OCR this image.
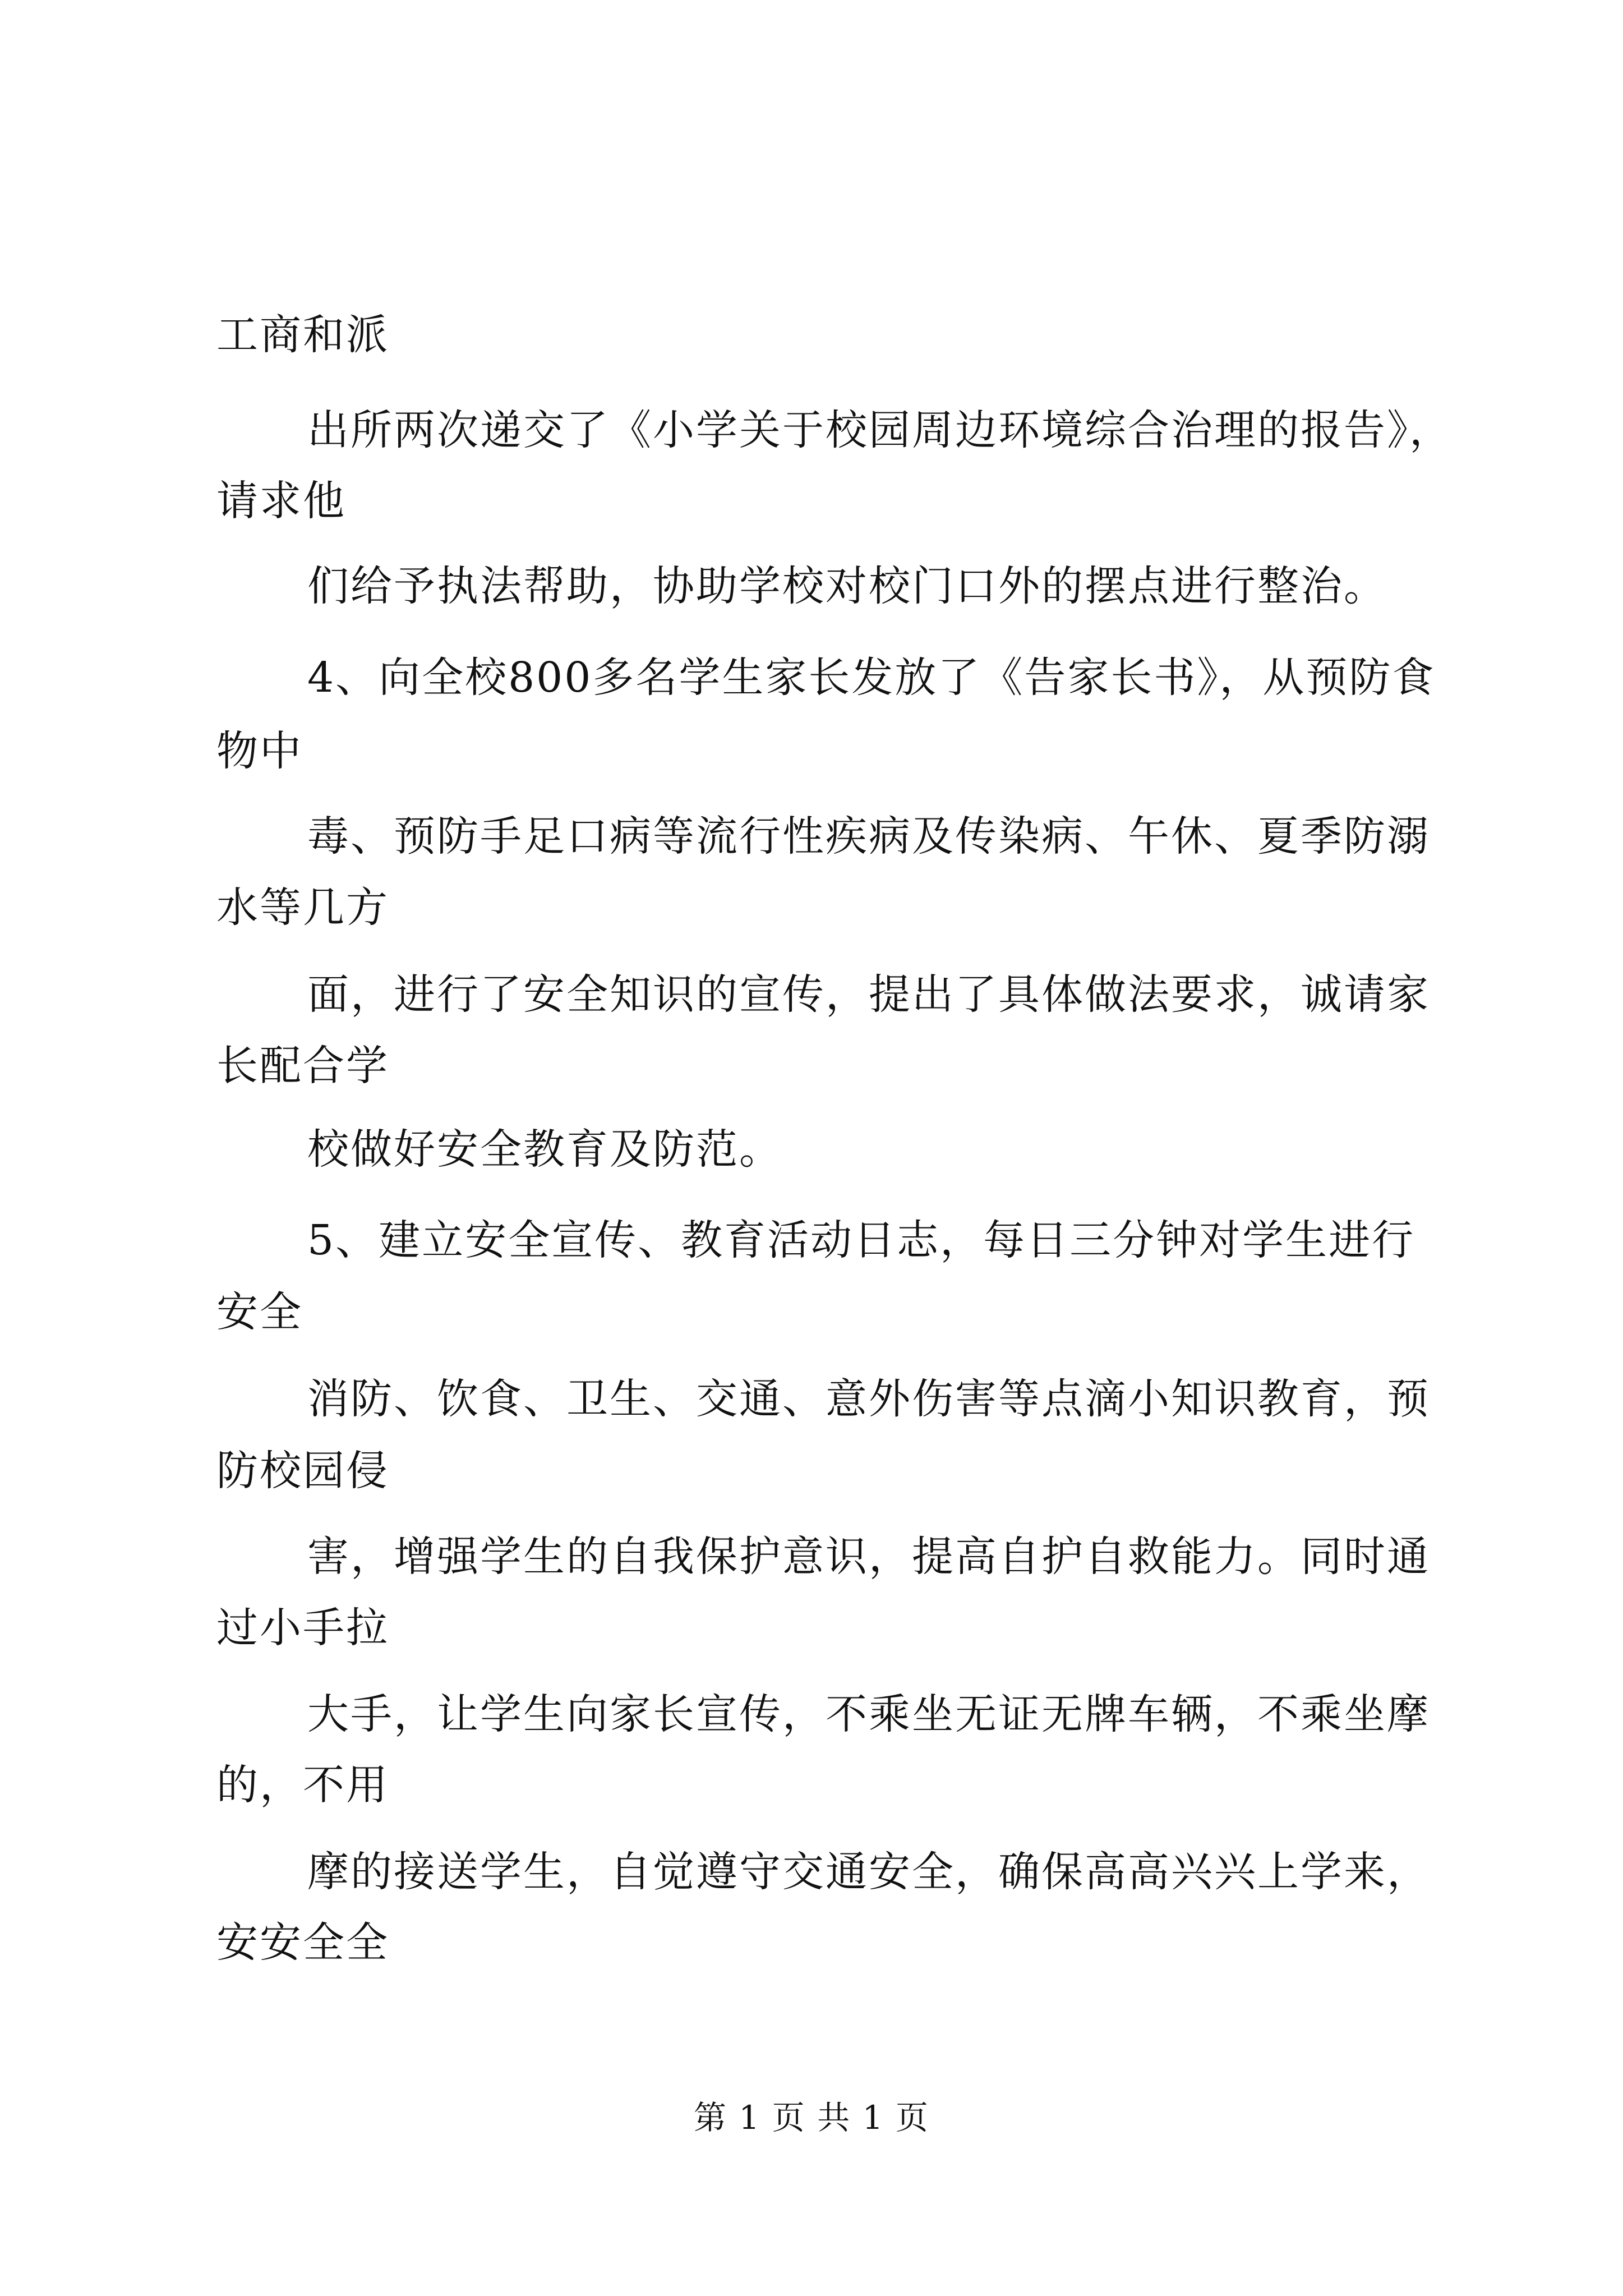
工商和派

出所两次递交了《小学关于校园周边环境综合治理的报告》，

请求他

们给予执法帮助，协助学校对校门口外的摆点进行整治。

4、向全校800多名学生家长发放了《告家长书》，从预防食

物中

毒、预防手足口病等流行性疾病及传染病、午休、夏季防溺

水等几方

面，进行了安全知识的宣传，提出了具体做法要求，诚请家

长配合学

校做好安全教育及防范。

5、建立安全宣传、教育活动日志，每日三分钟对学生进行

安全

消防、饮食、卫生、交通、意外伤害等点滴小知识教育，预

防校园侵

害，增强学生的自我保护意识，提高自护自救能力。同时通

过小手拉

大手，让学生向家长宣传，不乘坐无证无牌车辆，不乘坐摩

的，不用

摩的接送学生，自觉遵守交通安全，确保高高兴兴上学来，

安安全全

第 1 页 共 1 页
